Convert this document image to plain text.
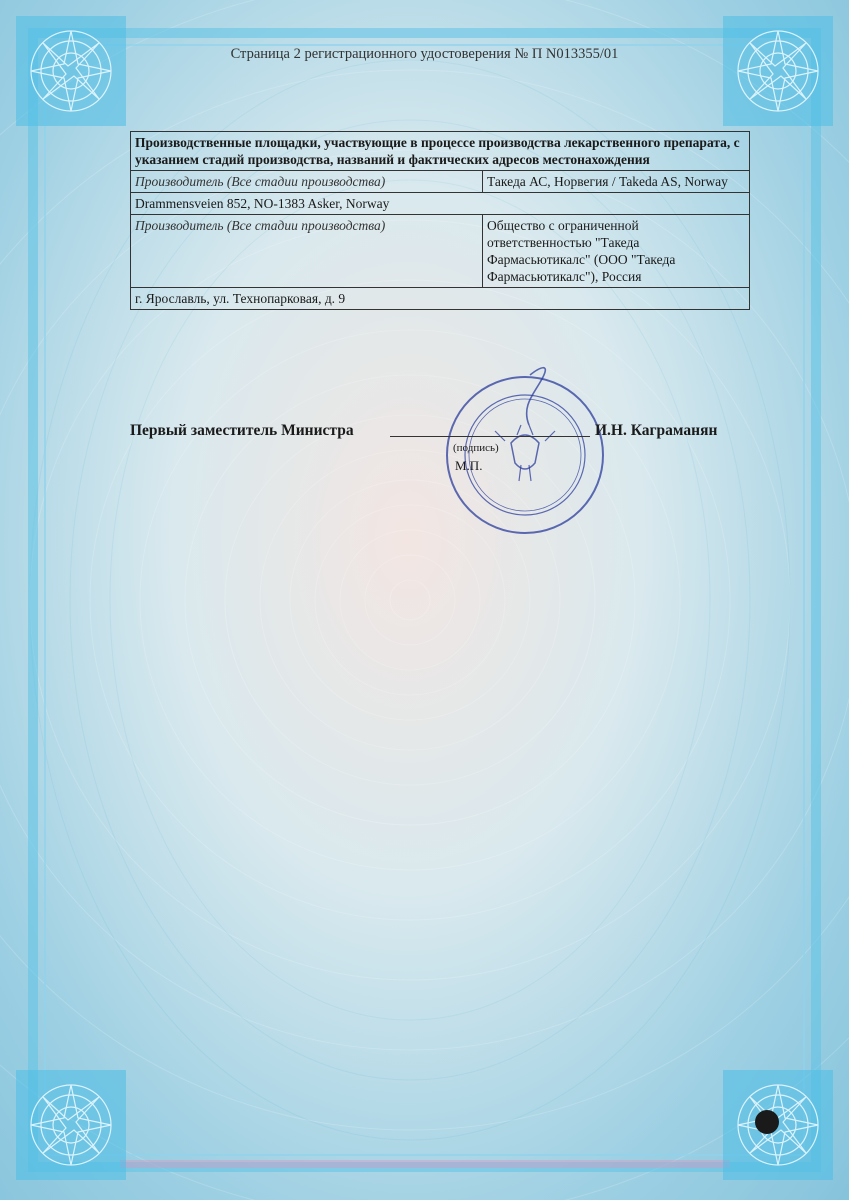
Страница 2 регистрационного удостоверения № П N013355/01
Производственные площадки, участвующие в процессе производства лекарственного препарата, с указанием стадий производства, названий и фактических адресов местонахождения	
Производитель (Все стадии производства)	Такеда АС, Норвегия / Takeda AS, Norway
Drammensveien 852, NO-1383 Asker, Norway	
Производитель (Все стадии производства)	Общество с ограниченной ответственностью "Такеда Фармасьютикалс" (ООО "Такеда Фармасьютикалс"), Россия
г. Ярославль, ул. Технопарковая, д. 9	
Первый заместитель Министра
(подпись)
М.П.
И.Н. Каграманян
